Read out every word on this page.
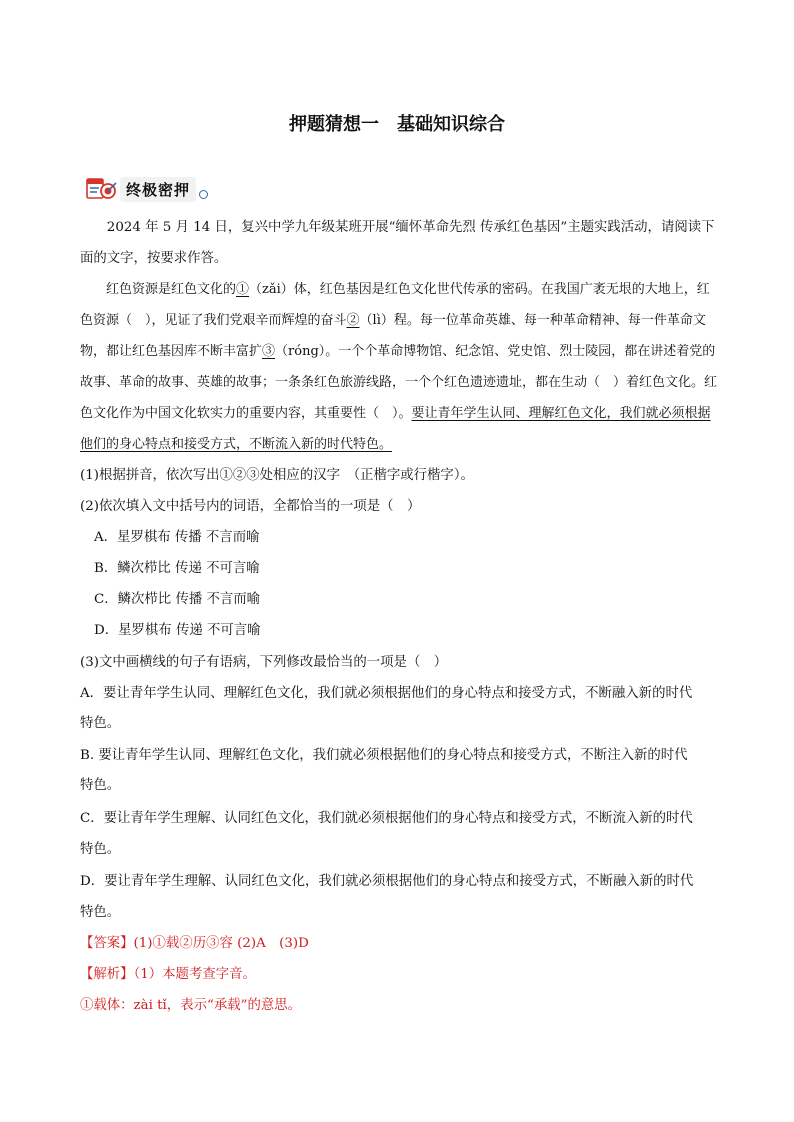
押题猜想一　基础知识综合
终极密押
2024 年 5 月 14 日，复兴中学九年级某班开展“缅怀革命先烈 传承红色基因”主题实践活动，请阅读下面的文字，按要求作答。
红色资源是红色文化的①（zǎi）体，红色基因是红色文化世代传承的密码。在我国广袤无垠的大地上，红色资源（　），见证了我们党艰辛而辉煌的奋斗②（lì）程。每一位革命英雄、每一种革命精神、每一件革命文物，都让红色基因库不断丰富扩③（róng）。一个个革命博物馆、纪念馆、党史馆、烈士陵园，都在讲述着党的故事、革命的故事、英雄的故事；一条条红色旅游线路，一个个红色遗迹遗址，都在生动（　）着红色文化。红色文化作为中国文化软实力的重要内容，其重要性（　）。要让青年学生认同、理解红色文化，我们就必须根据他们的身心特点和接受方式，不断流入新的时代特色。
(1)根据拼音，依次写出①②③处相应的汉字　（正楷字或行楷字）。
(2)依次填入文中括号内的词语，全都恰当的一项是（　）
A．星罗棋布 传播 不言而喻
B．鳞次栉比 传递 不可言喻
C．鳞次栉比 传播 不言而喻
D．星罗棋布 传递 不可言喻
(3)文中画横线的句子有语病，下列修改最恰当的一项是（　）
A．要让青年学生认同、理解红色文化，我们就必须根据他们的身心特点和接受方式，不断融入新的时代
特色。
B. 要让青年学生认同、理解红色文化，我们就必须根据他们的身心特点和接受方式，不断注入新的时代
特色。
C．要让青年学生理解、认同红色文化，我们就必须根据他们的身心特点和接受方式，不断流入新的时代
特色。
D．要让青年学生理解、认同红色文化，我们就必须根据他们的身心特点和接受方式，不断融入新的时代
特色。
【答案】(1)①载②历③容 (2)A　(3)D
【解析】（1）本题考查字音。
①载体：zài tǐ，表示“承载”的意思。
